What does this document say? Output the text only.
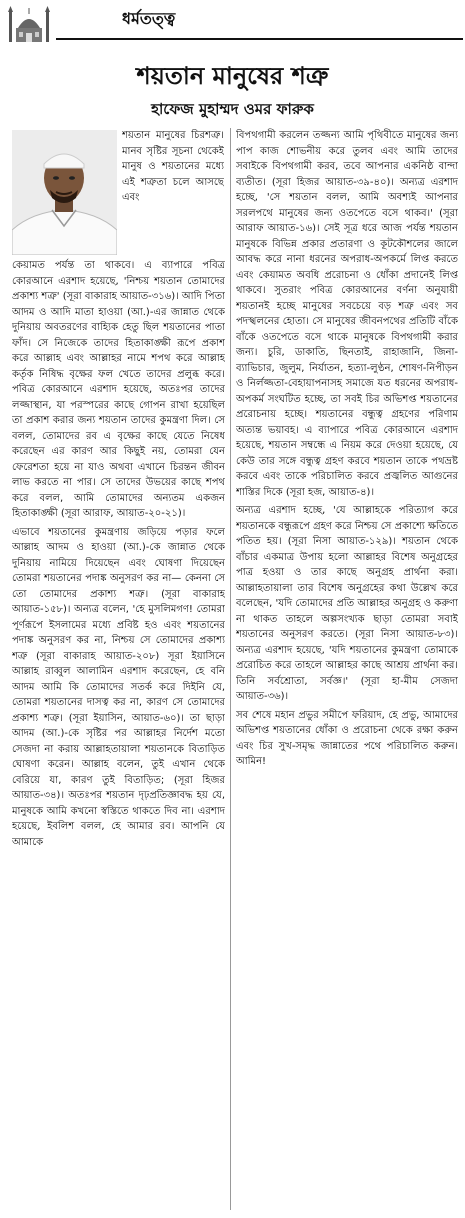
ধর্মতত্ত্ব
শয়তান মানুষের শত্রু
হাফেজ মুহাম্মদ ওমর ফারুক

শয়তান মানুষের চিরশত্রু। মানব সৃষ্টির সূচনা থেকেই মানুষ ও শয়তানের মধ্যে এই শত্রুতা চলে আসছে এবং

কেয়ামত পর্যন্ত তা থাকবে। এ ব্যাপারে পবিত্র কোরআনে এরশাদ হয়েছে, 'নিশ্চয় শয়তান তোমাদের প্রকাশ্য শত্রু' (সূরা বাকারাহ আয়াত-৩১৬)। আদি পিতা আদম ও আদি মাতা হাওয়া (আ.)-এর জান্নাত থেকে দুনিয়ায় অবতরণের বাহ্যিক হেতু ছিল শয়তানের পাতা ফাঁদ। সে নিজেকে তাদের হিতাকাঙ্ক্ষী রূপে প্রকাশ করে আল্লাহ এবং আল্লাহর নামে শপথ করে আল্লাহ কর্তৃক নিষিদ্ধ বৃক্ষের ফল খেতে তাদের প্রলুব্ধ করে। পবিত্র কোরআনে এরশাদ হয়েছে, অতঃপর তাদের লজ্জাস্থান, যা পরস্পরের কাছে গোপন রাখা হয়েছিল তা প্রকাশ করার জন্য শয়তান তাদের কুমন্ত্রণা দিল। সে বলল, তোমাদের রব এ বৃক্ষের কাছে যেতে নিষেধ করেছেন এর কারণ আর কিছুই নয়, তোমরা যেন ফেরেশতা হয়ে না যাও অথবা এখানে চিরন্তন জীবন লাভ করতে না পার। সে তাদের উভয়ের কাছে শপথ করে বলল, আমি তোমাদের অন্যতম একজন হিতাকাঙ্ক্ষী (সূরা আরাফ, আয়াত-২০-২১)।

এভাবে শয়তানের কুমন্ত্রণায় জড়িয়ে পড়ার ফলে আল্লাহ আদম ও হাওয়া (আ.)-কে জান্নাত থেকে দুনিয়ায় নামিয়ে দিয়েছেন এবং ঘোষণা দিয়েছেন তোমরা শয়তানের পদাঙ্ক অনুসরণ কর না— কেননা সে তো তোমাদের প্রকাশ্য শত্রু। (সূরা বাকারাহ আয়াত-১৫৮)। অন্যত্র বলেন, 'হে মুসলিমগণ! তোমরা পূর্ণরূপে ইসলামের মধ্যে প্রবিষ্ট হও এবং শয়তানের পদাঙ্ক অনুসরণ কর না, নিশ্চয় সে তোমাদের প্রকাশ্য শত্রু (সূরা বাকারাহ আয়াত-২০৮) সূরা ইয়াসিনে আল্লাহ রাব্বুল আলামিন এরশাদ করেছেন, হে বনি আদম আমি কি তোমাদের সতর্ক করে দিইনি যে, তোমরা শয়তানের দাসত্ব কর না, কারণ সে তোমাদের প্রকাশ্য শত্রু। (সূরা ইয়াসিন, আয়াত-৬০)। তা ছাড়া আদম (আ.)-কে সৃষ্টির পর আল্লাহর নির্দেশ মতো সেজদা না করায় আল্লাহতায়ালা শয়তানকে বিতাড়িত ঘোষণা করেন। আল্লাহ বলেন, তুই এখান থেকে বেরিয়ে যা, কারণ তুই বিতাড়িত; (সূরা হিজর আয়াত-৩৪)। অতঃপর শয়তান দৃঢ়প্রতিজ্ঞাবদ্ধ হয় যে, মানুষকে আমি কখনো স্বস্তিতে থাকতে দিব না। এরশাদ হয়েছে, ইবলিশ বলল, হে আমার রব। আপনি যে আমাকে

বিপথগামী করলেন তজ্জন্য আমি পৃথিবীতে মানুষের জন্য পাপ কাজ শোভনীয় করে তুলব এবং আমি তাদের সবাইকে বিপথগামী করব, তবে আপনার একনিষ্ঠ বান্দা ব্যতীত। (সূরা হিজর আয়াত-৩৯-৪০)। অন্যত্র এরশাদ হচ্ছে, 'সে শয়তান বলল, আমি অবশ্যই আপনার সরলপথে মানুষের জন্য ওতপেতে বসে থাকব।' (সূরা আরাফ আয়াত-১৬)। সেই সূত্র ধরে আজ পর্যন্ত শয়তান মানুষকে বিভিন্ন প্রকার প্রতারণা ও কূটকৌশলের জালে আবদ্ধ করে নানা ধরনের অপরাধ-অপকর্মে লিপ্ত করতে এবং কেয়ামত অবধি প্ররোচনা ও ধোঁকা প্রদানেই লিপ্ত থাকবে। সুতরাং পবিত্র কোরআনের বর্ণনা অনুযায়ী শয়তানই হচ্ছে মানুষের সবচেয়ে বড় শত্রু এবং সব পদস্খলনের হোতা। সে মানুষের জীবনপথের প্রতিটি বাঁকে বাঁকে ওতপেতে বসে থাকে মানুষকে বিপথগামী করার জন্য। চুরি, ডাকাতি, ছিনতাই, রাহাজানি, জিনা-ব্যাভিচার, জুলুম, নির্যাতন, হত্যা-লুণ্ঠন, শোষণ-নিপীড়ন ও নির্লজ্জতা-বেহায়াপনাসহ সমাজে যত ধরনের অপরাধ-অপকর্ম সংঘটিত হচ্ছে, তা সবই চির অভিশপ্ত শয়তানের প্ররোচনায় হচ্ছে। শয়তানের বন্ধুত্ব গ্রহণের পরিণাম অত্যন্ত ভয়াবহ। এ ব্যাপারে পবিত্র কোরআনে এরশাদ হয়েছে, শয়তান সম্বন্ধে এ নিয়ম করে দেওয়া হয়েছে, যে কেউ তার সঙ্গে বন্ধুত্ব গ্রহণ করবে শয়তান তাকে পথভ্রষ্ট করবে এবং তাকে পরিচালিত করবে প্রজ্বলিত আগুনের শাস্তির দিকে (সূরা হজ, আয়াত-৪)।

অন্যত্র এরশাদ হচ্ছে, 'যে আল্লাহকে পরিত্যাগ করে শয়তানকে বন্ধুরূপে গ্রহণ করে নিশ্চয় সে প্রকাশ্যে ক্ষতিতে পতিত হয়। (সূরা নিসা আয়াত-১২৯)। শয়তান থেকে বাঁচার একমাত্র উপায় হলো আল্লাহর বিশেষ অনুগ্রহের পাত্র হওয়া ও তার কাছে অনুগ্রহ প্রার্থনা করা। আল্লাহতায়ালা তার বিশেষ অনুগ্রহের কথা উল্লেখ করে বলেছেন, 'যদি তোমাদের প্রতি আল্লাহর অনুগ্রহ ও করুণা না থাকত তাহলে অল্পসংখ্যক ছাড়া তোমরা সবাই শয়তানের অনুসরণ করতে। (সূরা নিসা আয়াত-৮৩)। অন্যত্র এরশাদ হয়েছে, 'যদি শয়তানের কুমন্ত্রণা তোমাকে প্ররোচিত করে তাহলে আল্লাহর কাছে আশ্রয় প্রার্থনা কর। তিনি সর্বশ্রোতা, সর্বজ্ঞ।' (সূরা হা-মীম সেজদা আয়াত-৩৬)।

সব শেষে মহান প্রভুর সমীপে ফরিয়াদ, হে প্রভু, আমাদের অভিশপ্ত শয়তানের ধোঁকা ও প্ররোচনা থেকে রক্ষা করুন এবং চির সুখ-সমৃদ্ধ জান্নাতের পথে পরিচালিত করুন। আমিন!
